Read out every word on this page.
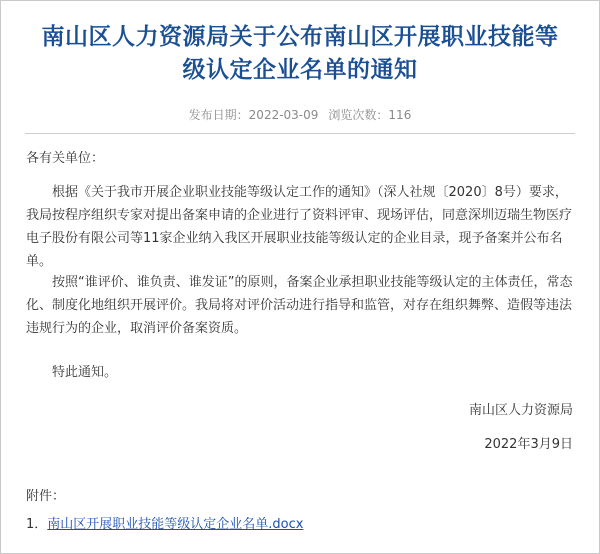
南山区人力资源局关于公布南山区开展职业技能等
级认定企业名单的通知
发布日期：2022-03-09 浏览次数：116

各有关单位：

根据《关于我市开展企业职业技能等级认定工作的通知》（深人社规〔2020〕8号）要求，我局按程序组织专家对提出备案申请的企业进行了资料评审、现场评估，同意深圳迈瑞生物医疗电子股份有限公司等11家企业纳入我区开展职业技能等级认定的企业目录，现予备案并公布名单。

按照“谁评价、谁负责、谁发证”的原则，备案企业承担职业技能等级认定的主体责任，常态化、制度化地组织开展评价。我局将对评价活动进行指导和监管，对存在组织舞弊、造假等违法违规行为的企业，取消评价备案资质。

特此通知。

南山区人力资源局

2022年3月9日

附件：

1．南山区开展职业技能等级认定企业名单.docx
